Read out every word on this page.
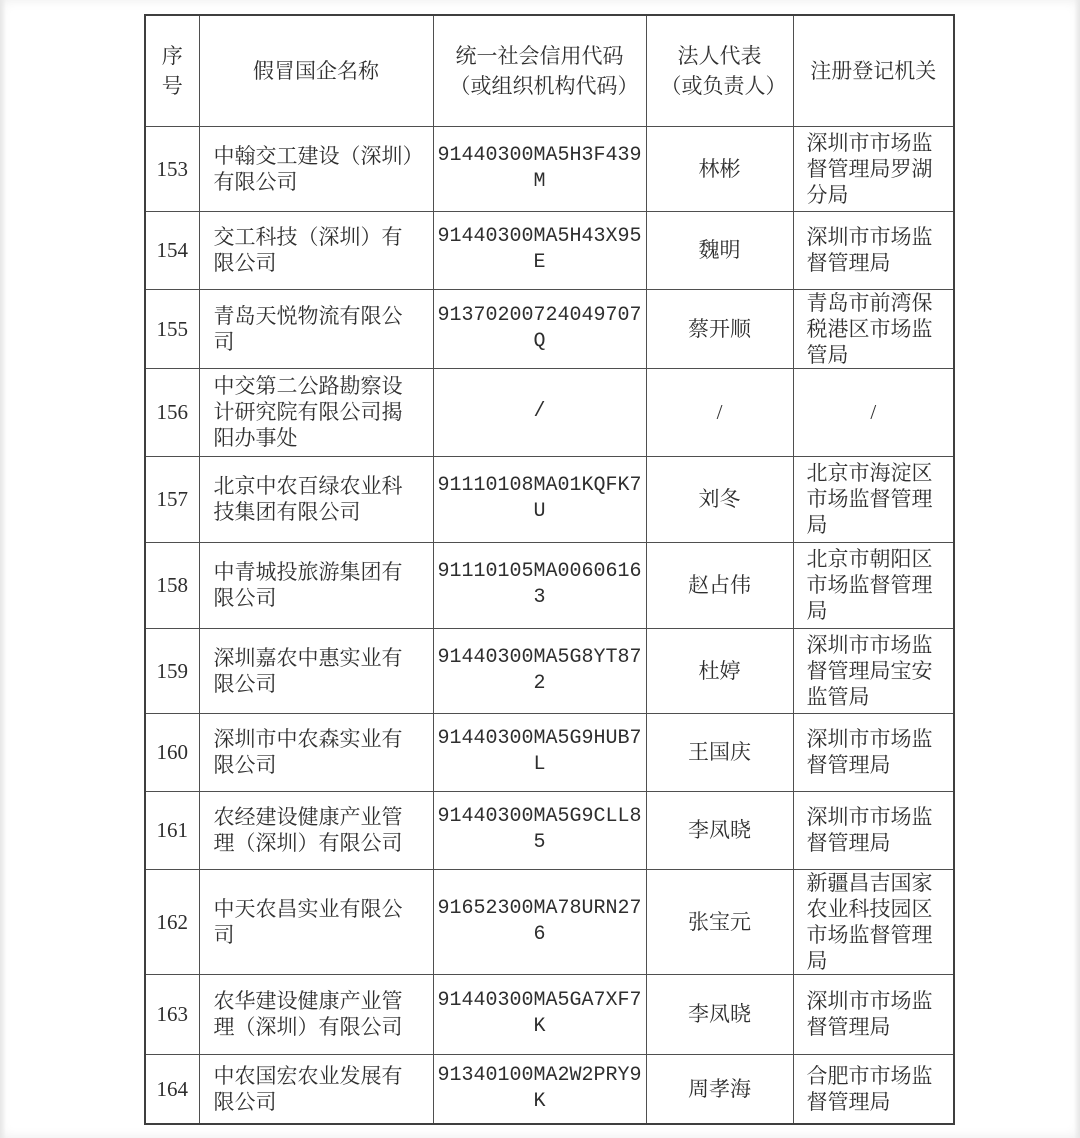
序号	假冒国企名称	统一社会信用代码（或组织机构代码）	法人代表（或负责人）	注册登记机关
153	中翰交工建设（深圳）有限公司	91440300MA5H3F439M	林彬	深圳市市场监督管理局罗湖分局
154	交工科技（深圳）有限公司	91440300MA5H43X95E	魏明	深圳市市场监督管理局
155	青岛天悦物流有限公司	91370200724049707Q	蔡开顺	青岛市前湾保税港区市场监管局
156	中交第二公路勘察设计研究院有限公司揭阳办事处	/	/	/
157	北京中农百绿农业科技集团有限公司	91110108MA01KQFK7U	刘冬	北京市海淀区市场监督管理局
158	中青城投旅游集团有限公司	91110105MA00606163	赵占伟	北京市朝阳区市场监督管理局
159	深圳嘉农中惠实业有限公司	91440300MA5G8YT872	杜婷	深圳市市场监督管理局宝安监管局
160	深圳市中农森实业有限公司	91440300MA5G9HUB7L	王国庆	深圳市市场监督管理局
161	农经建设健康产业管理（深圳）有限公司	91440300MA5G9CLL85	李凤晓	深圳市市场监督管理局
162	中天农昌实业有限公司	91652300MA78URN276	张宝元	新疆昌吉国家农业科技园区市场监督管理局
163	农华建设健康产业管理（深圳）有限公司	91440300MA5GA7XF7K	李凤晓	深圳市市场监督管理局
164	中农国宏农业发展有限公司	91340100MA2W2PRY9K	周孝海	合肥市市场监督管理局
